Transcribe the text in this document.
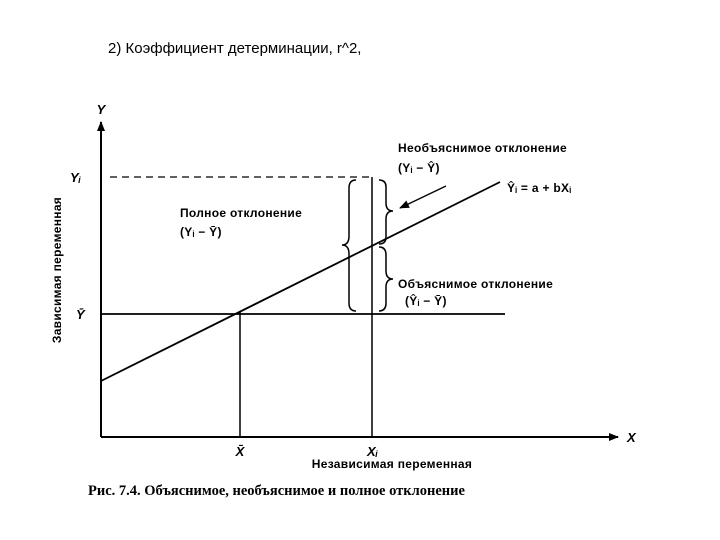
2) Коэффициент детерминации, r^2,
Y
X
Yᵢ
Ȳ
X̄	Xᵢ
Независимая переменная
Зависимая переменная
Необъяснимое отклонение
(Yᵢ − Ŷ)
Ŷᵢ = a + bXᵢ
Полное отклонение
(Yᵢ − Ȳ)
Объяснимое отклонение
(Ŷᵢ − Ȳ)
Рис. 7.4. Объяснимое, необъяснимое и полное отклонение
